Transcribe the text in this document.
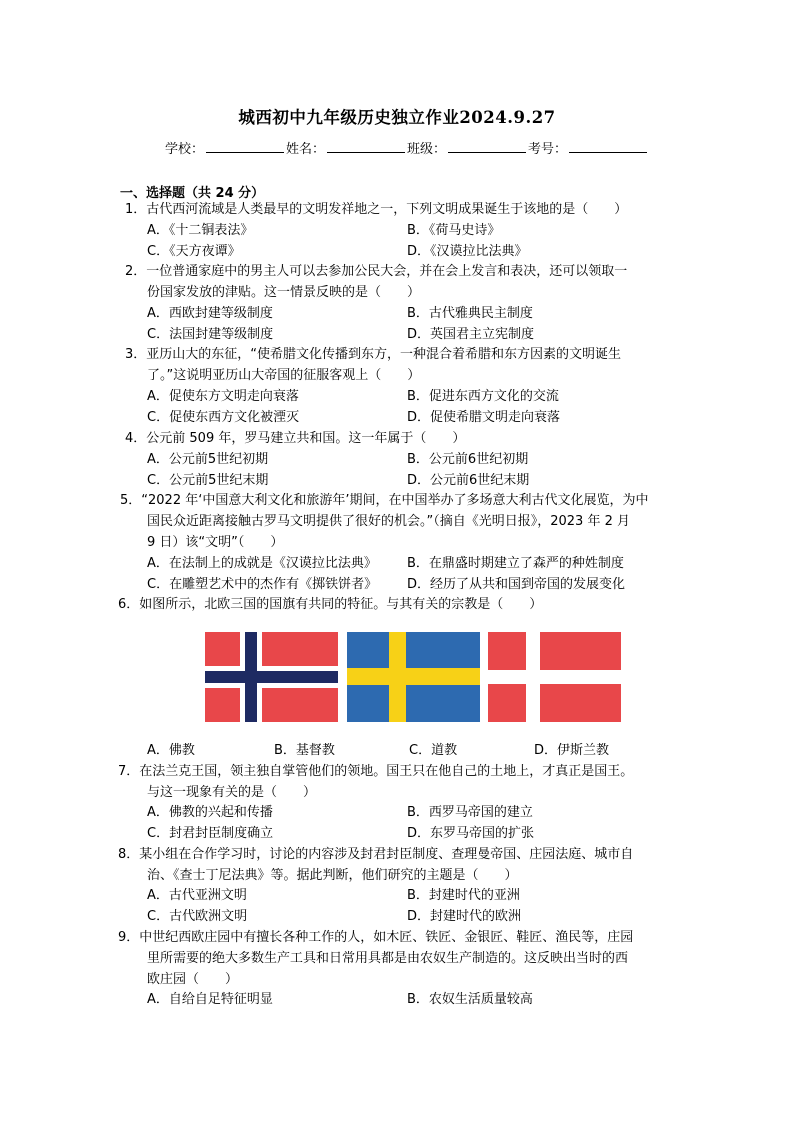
城西初中九年级历史独立作业2024.9.27
学校：	姓名：	班级：	考号：
一、选择题（共 24 分）
1．古代西河流域是人类最早的文明发祥地之一，下列文明成果诞生于该地的是（　　）
A．《十二铜表法》	B．《荷马史诗》
C．《天方夜谭》	D．《汉谟拉比法典》
2．一位普通家庭中的男主人可以去参加公民大会，并在会上发言和表决，还可以领取一
份国家发放的津贴。这一情景反映的是（　　）
A．西欧封建等级制度	B．古代雅典民主制度
C．法国封建等级制度	D．英国君主立宪制度
3．亚历山大的东征，“使希腊文化传播到东方，一种混合着希腊和东方因素的文明诞生
了。”这说明亚历山大帝国的征服客观上（　　）
A．促使东方文明走向衰落	B．促进东西方文化的交流
C．促使东西方文化被湮灭	D．促使希腊文明走向衰落
4．公元前 509 年，罗马建立共和国。这一年属于（　　）
A．公元前5世纪初期	B．公元前6世纪初期
C．公元前5世纪末期	D．公元前6世纪末期
5．“2022 年‘中国意大利文化和旅游年’期间，在中国举办了多场意大利古代文化展览，为中
国民众近距离接触古罗马文明提供了很好的机会。”（摘自《光明日报》，2023 年 2 月
9 日）该“文明”（　　）
A．在法制上的成就是《汉谟拉比法典》 B．在鼎盛时期建立了森严的种姓制度
C．在雕塑艺术中的杰作有《掷铁饼者》 D．经历了从共和国到帝国的发展变化
6．如图所示，北欧三国的国旗有共同的特征。与其有关的宗教是（　　）
A．佛教	B．基督教	C．道教	D．伊斯兰教
7．在法兰克王国，领主独自掌管他们的领地。国王只在他自己的土地上，才真正是国王。
与这一现象有关的是（　　）
A．佛教的兴起和传播	B．西罗马帝国的建立
C．封君封臣制度确立	D．东罗马帝国的扩张
8．某小组在合作学习时，讨论的内容涉及封君封臣制度、查理曼帝国、庄园法庭、城市自
治、《查士丁尼法典》等。据此判断，他们研究的主题是（　　）
A．古代亚洲文明	B．封建时代的亚洲
C．古代欧洲文明	D．封建时代的欧洲
9．中世纪西欧庄园中有擅长各种工作的人，如木匠、铁匠、金银匠、鞋匠、渔民等，庄园
里所需要的绝大多数生产工具和日常用具都是由农奴生产制造的。这反映出当时的西
欧庄园（　　）
A．自给自足特征明显	B．农奴生活质量较高
